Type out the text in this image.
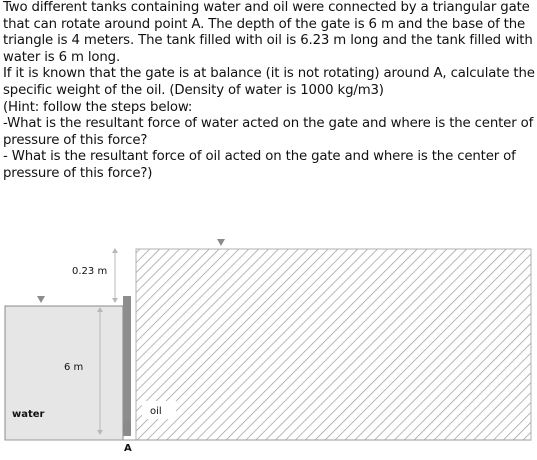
Two different tanks containing water and oil were connected by a triangular gate
that can rotate around point A. The depth of the gate is 6 m and the base of the
triangle is 4 meters. The tank filled with oil is 6.23 m long and the tank filled with
water is 6 m long.
If it is known that the gate is at balance (it is not rotating) around A, calculate the
specific weight of the oil. (Density of water is 1000 kg/m3)
(Hint: follow the steps below:
-What is the resultant force of water acted on the gate and where is the center of
pressure of this force?
- What is the resultant force of oil acted on the gate and where is the center of
pressure of this force?)
0.23 m
6 m
water	oil
A
